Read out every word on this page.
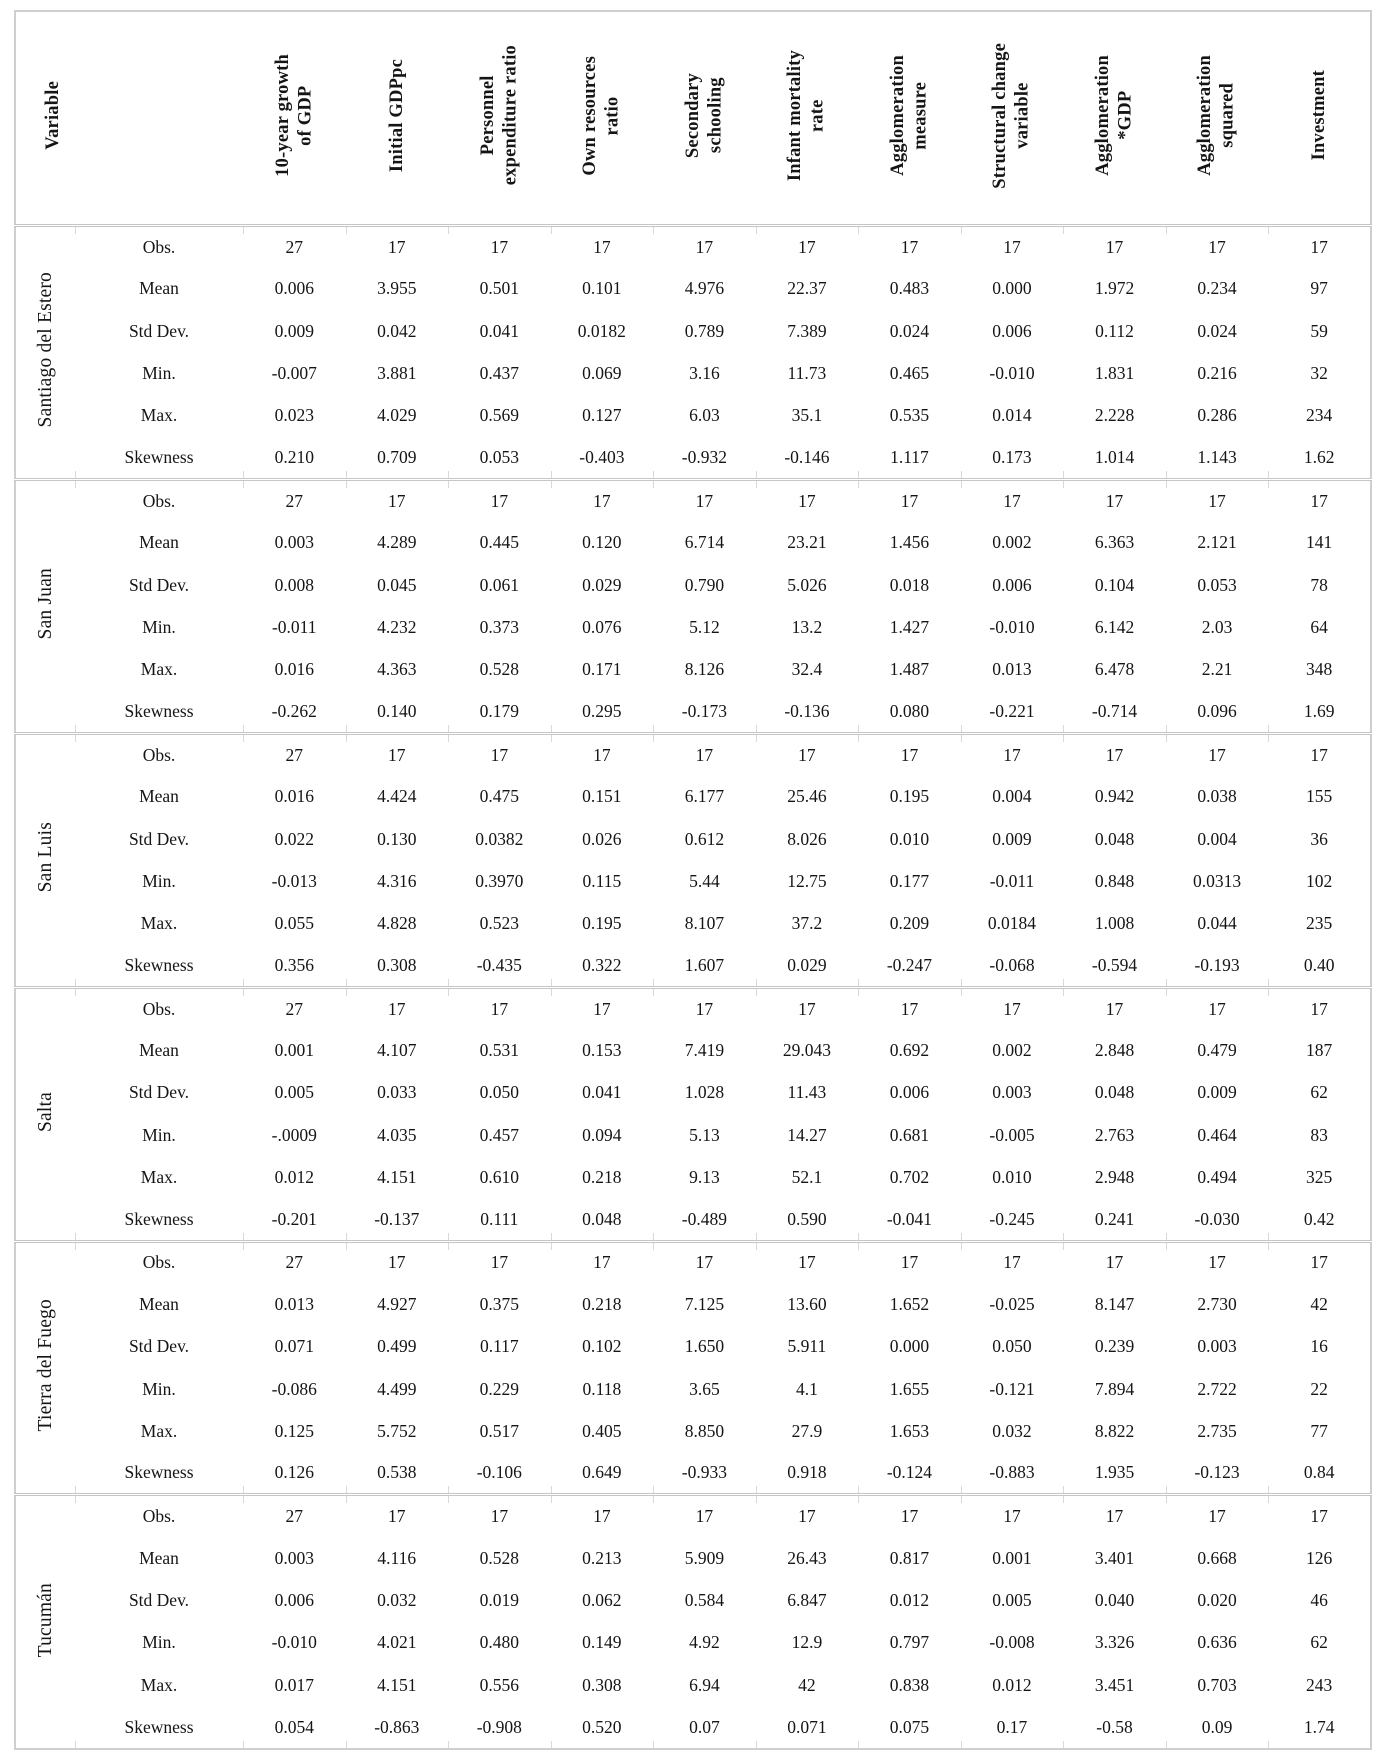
Variable		10-year growth of GDP	Initial GDPpc	Personnel expenditure ratio	Own resources ratio	Secondary schooling	Infant mortality rate	Agglomeration measure	Structural change variable	Agglomeration *GDP	Agglomeration squared	Investment

Santiago del Estero	Obs.	27	17	17	17	17	17	17	17	17	17	17
	Mean	0.006	3.955	0.501	0.101	4.976	22.37	0.483	0.000	1.972	0.234	97
	Std Dev.	0.009	0.042	0.041	0.0182	0.789	7.389	0.024	0.006	0.112	0.024	59
	Min.	-0.007	3.881	0.437	0.069	3.16	11.73	0.465	-0.010	1.831	0.216	32
	Max.	0.023	4.029	0.569	0.127	6.03	35.1	0.535	0.014	2.228	0.286	234
	Skewness	0.210	0.709	0.053	-0.403	-0.932	-0.146	1.117	0.173	1.014	1.143	1.62
San Juan	Obs.	27	17	17	17	17	17	17	17	17	17	17
	Mean	0.003	4.289	0.445	0.120	6.714	23.21	1.456	0.002	6.363	2.121	141
	Std Dev.	0.008	0.045	0.061	0.029	0.790	5.026	0.018	0.006	0.104	0.053	78
	Min.	-0.011	4.232	0.373	0.076	5.12	13.2	1.427	-0.010	6.142	2.03	64
	Max.	0.016	4.363	0.528	0.171	8.126	32.4	1.487	0.013	6.478	2.21	348
	Skewness	-0.262	0.140	0.179	0.295	-0.173	-0.136	0.080	-0.221	-0.714	0.096	1.69
San Luis	Obs.	27	17	17	17	17	17	17	17	17	17	17
	Mean	0.016	4.424	0.475	0.151	6.177	25.46	0.195	0.004	0.942	0.038	155
	Std Dev.	0.022	0.130	0.0382	0.026	0.612	8.026	0.010	0.009	0.048	0.004	36
	Min.	-0.013	4.316	0.3970	0.115	5.44	12.75	0.177	-0.011	0.848	0.0313	102
	Max.	0.055	4.828	0.523	0.195	8.107	37.2	0.209	0.0184	1.008	0.044	235
	Skewness	0.356	0.308	-0.435	0.322	1.607	0.029	-0.247	-0.068	-0.594	-0.193	0.40
Salta	Obs.	27	17	17	17	17	17	17	17	17	17	17
	Mean	0.001	4.107	0.531	0.153	7.419	29.043	0.692	0.002	2.848	0.479	187
	Std Dev.	0.005	0.033	0.050	0.041	1.028	11.43	0.006	0.003	0.048	0.009	62
	Min.	-.0009	4.035	0.457	0.094	5.13	14.27	0.681	-0.005	2.763	0.464	83
	Max.	0.012	4.151	0.610	0.218	9.13	52.1	0.702	0.010	2.948	0.494	325
	Skewness	-0.201	-0.137	0.111	0.048	-0.489	0.590	-0.041	-0.245	0.241	-0.030	0.42
Tierra del Fuego	Obs.	27	17	17	17	17	17	17	17	17	17	17
	Mean	0.013	4.927	0.375	0.218	7.125	13.60	1.652	-0.025	8.147	2.730	42
	Std Dev.	0.071	0.499	0.117	0.102	1.650	5.911	0.000	0.050	0.239	0.003	16
	Min.	-0.086	4.499	0.229	0.118	3.65	4.1	1.655	-0.121	7.894	2.722	22
	Max.	0.125	5.752	0.517	0.405	8.850	27.9	1.653	0.032	8.822	2.735	77
	Skewness	0.126	0.538	-0.106	0.649	-0.933	0.918	-0.124	-0.883	1.935	-0.123	0.84
Tucumán	Obs.	27	17	17	17	17	17	17	17	17	17	17
	Mean	0.003	4.116	0.528	0.213	5.909	26.43	0.817	0.001	3.401	0.668	126
	Std Dev.	0.006	0.032	0.019	0.062	0.584	6.847	0.012	0.005	0.040	0.020	46
	Min.	-0.010	4.021	0.480	0.149	4.92	12.9	0.797	-0.008	3.326	0.636	62
	Max.	0.017	4.151	0.556	0.308	6.94	42	0.838	0.012	3.451	0.703	243
	Skewness	0.054	-0.863	-0.908	0.520	0.07	0.071	0.075	0.17	-0.58	0.09	1.74
